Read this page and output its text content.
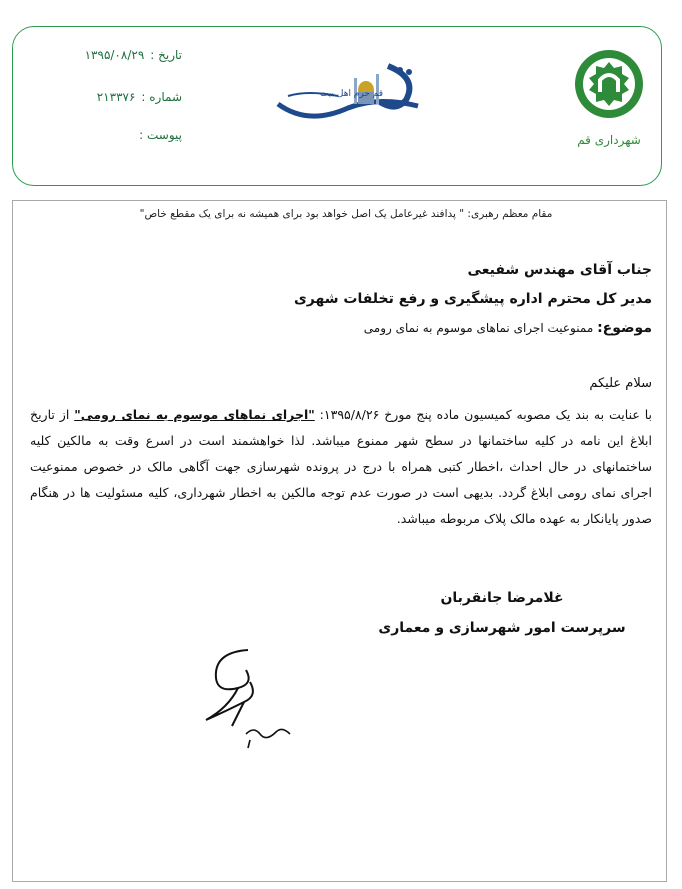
تاریخ :۱۳۹۵/۰۸/۲۹
شماره :۲۱۳۳۷۶
پیوست :
قم حرم اهل بیت
شهرداری قم
مقام معظم رهبری: " پدافند غیرعامل یک اصل خواهد بود برای همیشه نه برای یک مقطع خاص"
جناب آقای مهندس شفیعی
مدیر کل محترم اداره پیشگیری و رفع تخلفات شهری
موضوع: ممنوعیت اجرای نماهای موسوم به نمای رومی
سلام علیکم
با عنایت به بند یک مصوبه کمیسیون ماده پنج مورخ ۱۳۹۵/۸/۲۶: "اجرای نماهای موسوم به نمای رومی" از تاریخ ابلاغ این نامه در کلیه ساختمانها در سطح شهر ممنوع میباشد. لذا خواهشمند است در اسرع وقت به مالکین کلیه ساختمانهای در حال احداث ،اخطار کتبی همراه با درج در پرونده شهرسازی جهت آگاهی مالک در خصوص ممنوعیت اجرای نمای رومی ابلاغ گردد. بدیهی است در صورت عدم توجه مالکین به اخطار شهرداری، کلیه مسئولیت ها در هنگام صدور پایانکار به عهده مالک پلاک مربوطه میباشد.
غلامرضا جانقربان
سرپرست امور شهرسازی و معماری
